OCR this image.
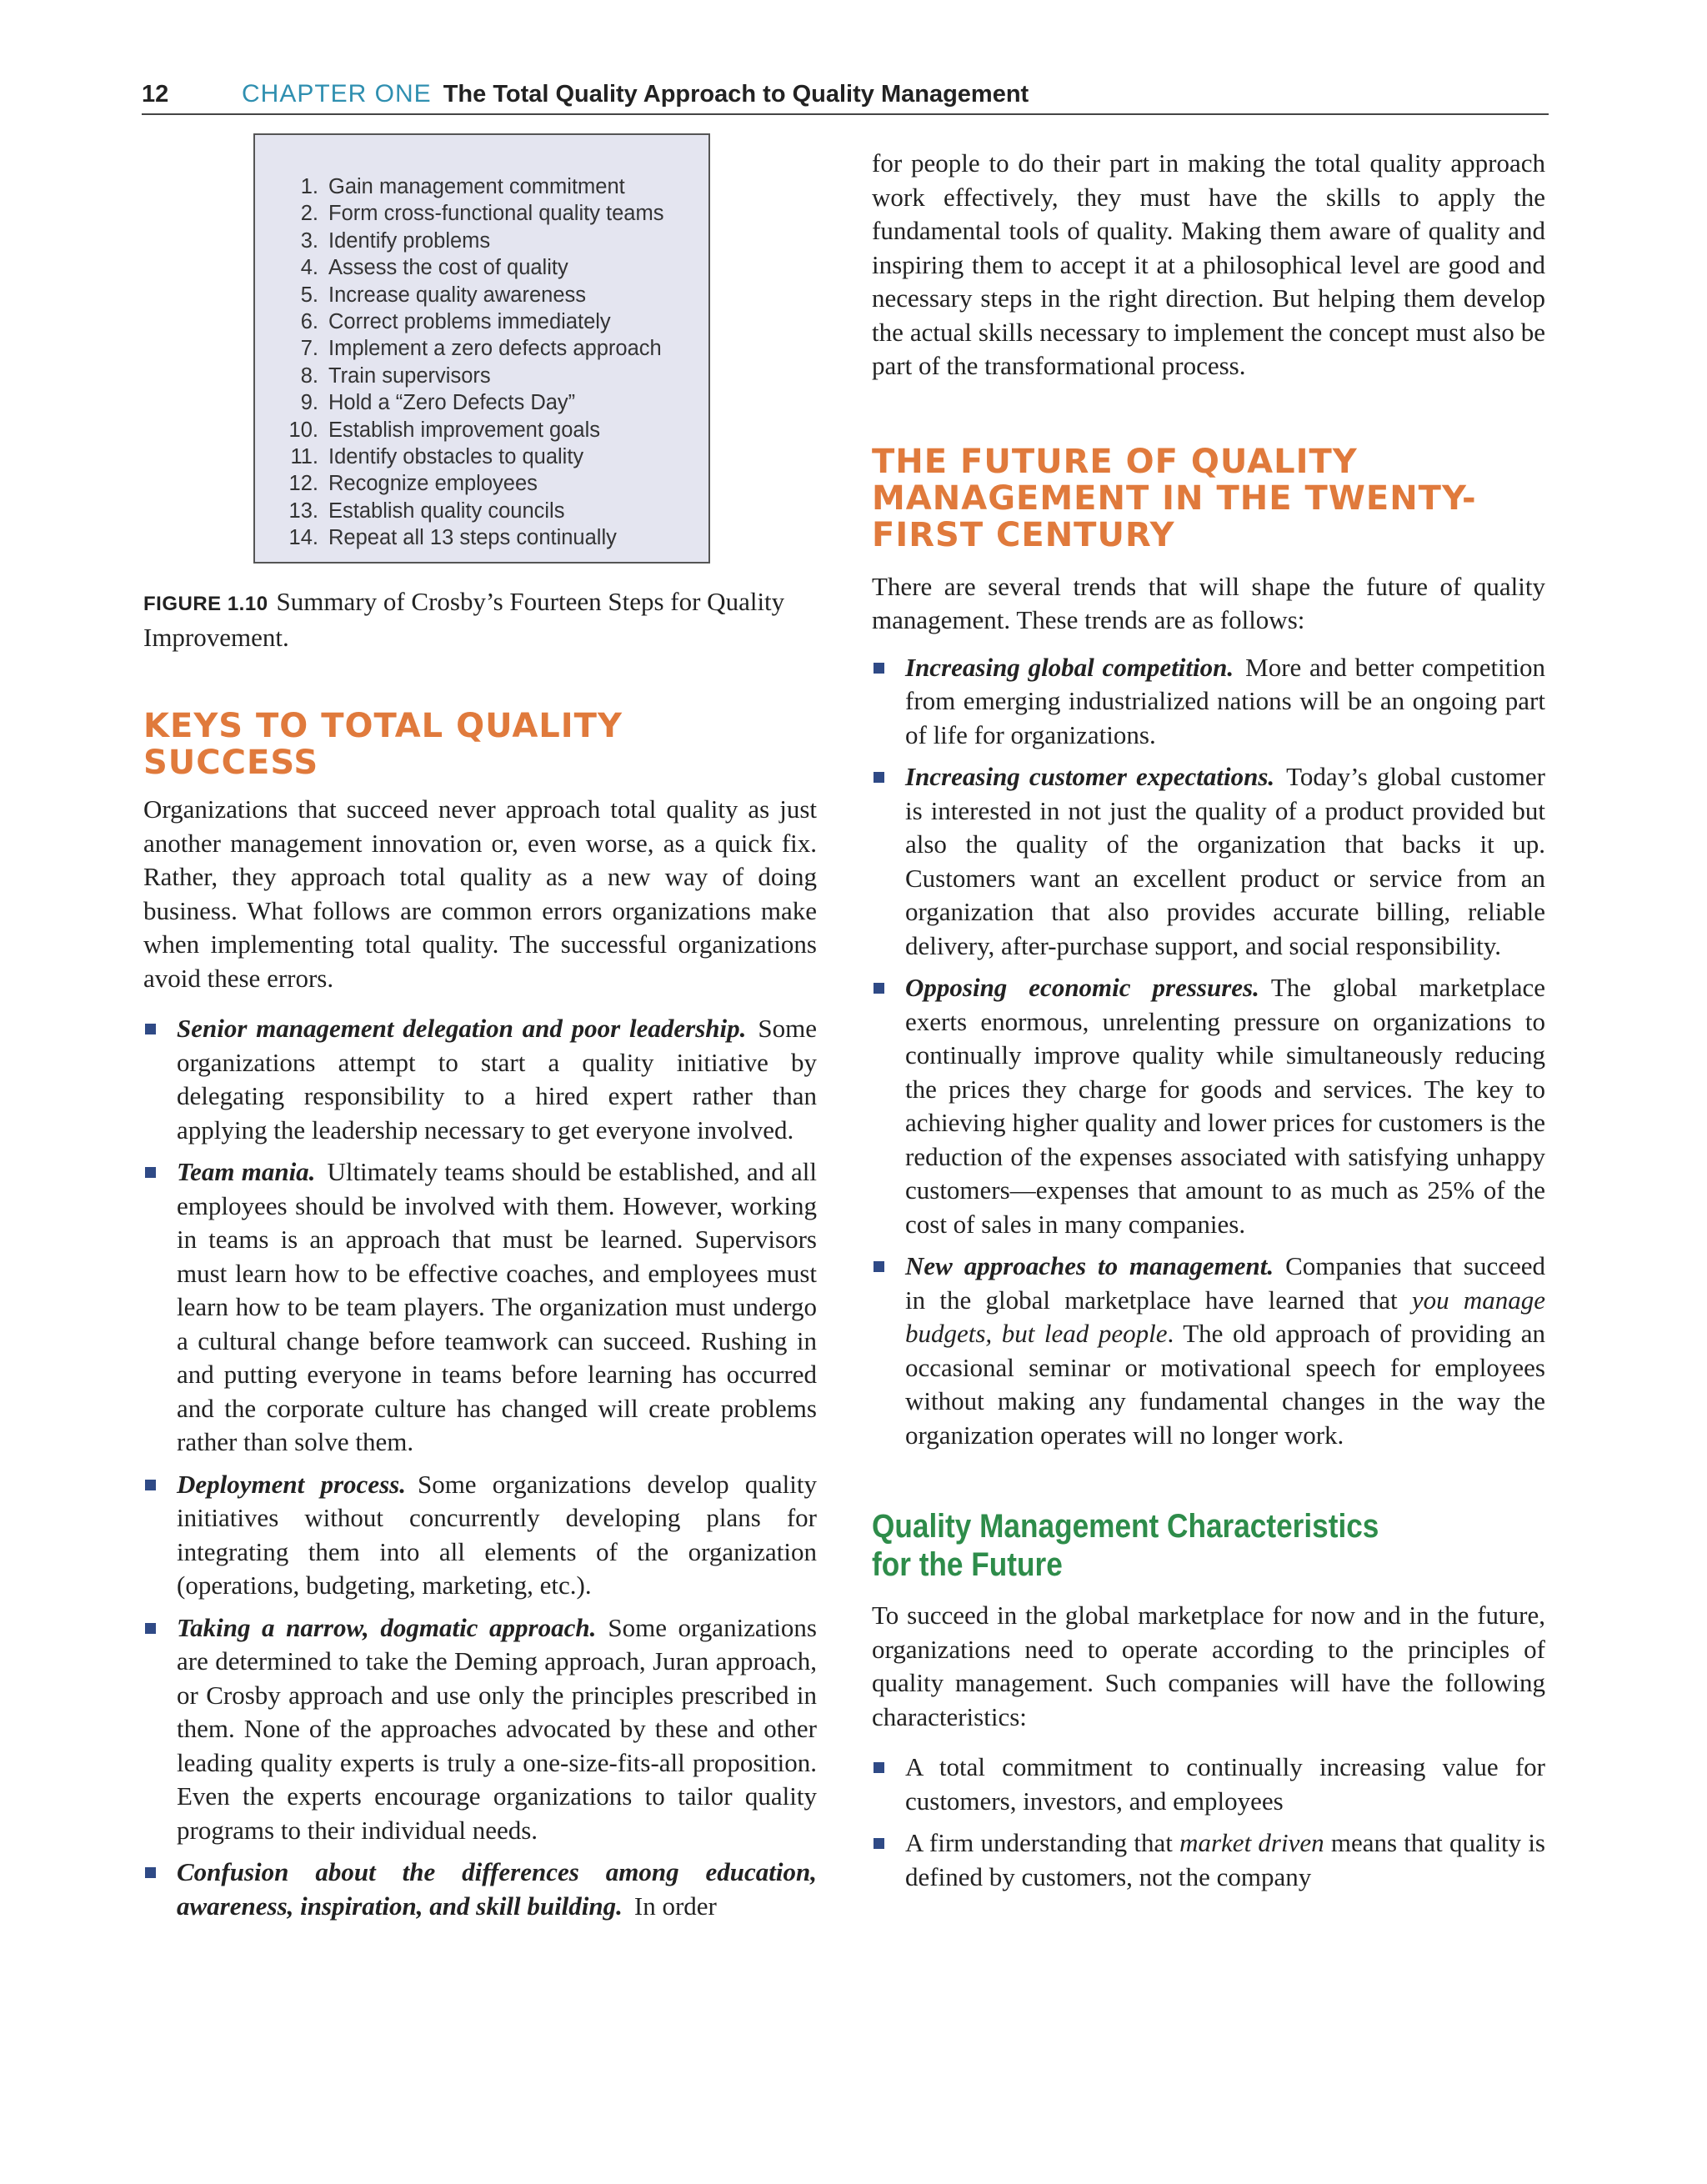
12	CHAPTER ONE The Total Quality Approach to Quality Management
1. Gain management commitment
2. Form cross-functional quality teams
3. Identify problems
4. Assess the cost of quality
5. Increase quality awareness
6. Correct problems immediately
7. Implement a zero defects approach
8. Train supervisors
9. Hold a “Zero Defects Day”
10. Establish improvement goals
11. Identify obstacles to quality
12. Recognize employees
13. Establish quality councils
14. Repeat all 13 steps continually
FIGURE 1.10 Summary of Crosby’s Fourteen Steps for Quality Improvement.
KEYS TO TOTAL QUALITY
SUCCESS

Organizations that succeed never approach total quality as just another management innovation or, even worse, as a quick fix. Rather, they approach total quality as a new way of doing business. What follows are common errors organizations make when implementing total quality. The successful organizations avoid these errors.

Senior management delegation and poor leadership. Some organizations attempt to start a quality initiative by delegating responsibility to a hired expert rather than applying the leadership necessary to get everyone involved.
Team mania. Ultimately teams should be established, and all employees should be involved with them. However, working in teams is an approach that must be learned. Supervisors must learn how to be effective coaches, and employees must learn how to be team players. The organization must undergo a cultural change before teamwork can succeed. Rushing in and putting everyone in teams before learning has occurred and the corporate culture has changed will create problems rather than solve them.
Deployment process. Some organizations develop quality initiatives without concurrently developing plans for integrating them into all elements of the organization (operations, budgeting, marketing, etc.).
Taking a narrow, dogmatic approach. Some organizations are determined to take the Deming approach, Juran approach, or Crosby approach and use only the principles prescribed in them. None of the approaches advocated by these and other leading quality experts is truly a one-size-fits-all proposition. Even the experts encourage organizations to tailor quality programs to their individual needs.
Confusion about the differences among education, awareness, inspiration, and skill building. In order

for people to do their part in making the total quality approach work effectively, they must have the skills to apply the fundamental tools of quality. Making them aware of quality and inspiring them to accept it at a philosophical level are good and necessary steps in the right direction. But helping them develop the actual skills necessary to implement the concept must also be part of the transformational process.

THE FUTURE OF QUALITY
MANAGEMENT IN THE TWENTY-
FIRST CENTURY

There are several trends that will shape the future of quality management. These trends are as follows:

Increasing global competition. More and better competition from emerging industrialized nations will be an ongoing part of life for organizations.
Increasing customer expectations. Today’s global customer is interested in not just the quality of a product provided but also the quality of the organization that backs it up. Customers want an excellent product or service from an organization that also provides accurate billing, reliable delivery, after-purchase support, and social responsibility.
Opposing economic pressures. The global marketplace exerts enormous, unrelenting pressure on organizations to continually improve quality while simultaneously reducing the prices they charge for goods and services. The key to achieving higher quality and lower prices for customers is the reduction of the expenses associated with satisfying unhappy customers—expenses that amount to as much as 25% of the cost of sales in many companies.
New approaches to management. Companies that succeed in the global marketplace have learned that you manage budgets, but lead people. The old approach of providing an occasional seminar or motivational speech for employees without making any fundamental changes in the way the organization operates will no longer work.
Quality Management Characteristics
for the Future

To succeed in the global marketplace for now and in the future, organizations need to operate according to the principles of quality management. Such companies will have the following characteristics:

A total commitment to continually increasing value for customers, investors, and employees
A firm understanding that market driven means that quality is defined by customers, not the company
